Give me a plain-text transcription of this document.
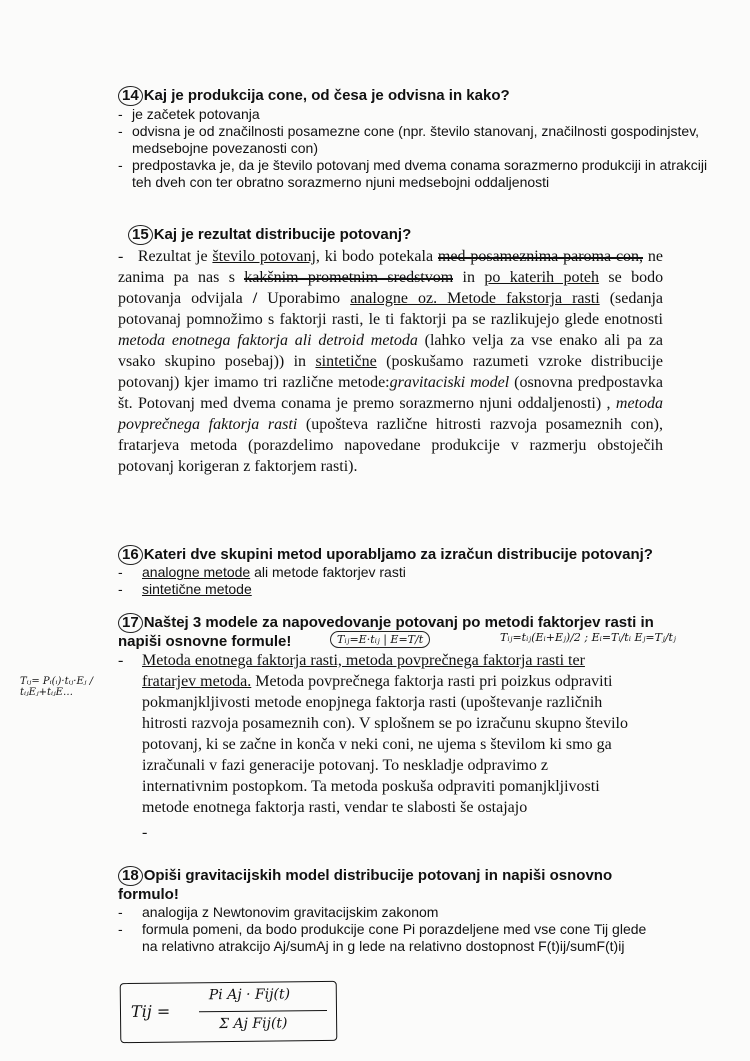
14 Kaj je produkcija cone, od česa je odvisna in kako?
- je začetek potovanja
- odvisna je od značilnosti posamezne cone (npr. število stanovanj, značilnosti gospodinjstev, medsebojne povezanosti con)
- predpostavka je, da je število potovanj med dvema conama sorazmerno produkciji in atrakciji teh dveh con ter obratno sorazmerno njuni medsebojni oddaljenosti
15 Kaj je rezultat distribucije potovanj?
-   Rezultat je število potovanj, ki bodo potekala med posameznima paroma con, ne zanima pa nas s kakšnim prometnim sredstvom in po katerih poteh se bodo potovanja odvijala / Uporabimo analogne oz. Metode fakstorja rasti (sedanja potovanaj pomnožimo s faktorji rasti, le ti faktorji pa se razlikujejo glede enotnosti metoda enotnega faktorja ali detroid metoda (lahko velja za vse enako ali pa za vsako skupino posebaj)) in sintetične (poskušamo razumeti vzroke distribucije potovanj) kjer imamo tri različne metode:gravitaciski model (osnovna predpostavka št. Potovanj med dvema conama je premo sorazmerno njuni oddaljenosti) , metoda povprečnega faktorja rasti (upošteva različne hitrosti razvoja posameznih con), fratarjeva metoda (porazdelimo napovedane produkcije v razmerju obstoječih potovanj korigeran z faktorjem rasti).
16 Kateri dve skupini metod uporabljamo za izračun distribucije potovanj?
- analogne metode ali metode faktorjev rasti
- sintetične metode
17 Naštej 3 modele za napovedovanje potovanj po metodi faktorjev rasti in napiši osnovne formule!	Tᵢⱼ=E·tᵢⱼ | E=T/t	Tᵢⱼ=tᵢⱼ(Eᵢ+Eⱼ)/2 ; Eᵢ=Tᵢ/tᵢ Eⱼ=Tⱼ/tⱼ
Tᵢⱼ= Pᵢ(ᵢ)·tᵢⱼ·Eⱼ / tᵢⱼEⱼ+tᵢⱼE…
- Metoda enotnega faktorja rasti, metoda povprečnega faktorja rasti ter fratarjev metoda. Metoda povprečnega faktorja rasti pri poizkus odpraviti pokmanjkljivosti metode enopjnega faktorja rasti (upoštevanje različnih hitrosti razvoja posameznih con). V splošnem se po izračunu skupno število potovanj, ki se začne in konča v neki coni, ne ujema s številom ki smo ga izračunali v fazi generacije potovanj. To neskladje odpravimo z internativnim postopkom. Ta metoda poskuša odpraviti pomanjkljivosti metode enotnega faktorja rasti, vendar te slabosti še ostajajo
-
18 Opiši gravitacijskih model distribucije potovanj in napiši osnovno formulo!
- analogija z Newtonovim gravitacijskim zakonom
- formula pomeni, da bodo produkcije cone Pi porazdeljene med vse cone Tij glede na relativno atrakcijo Aj/sumAj in g lede na relativno dostopnost F(t)ij/sumF(t)ij
Tij =
Pi Aj · Fij(t)
Σ Aj Fij(t)
